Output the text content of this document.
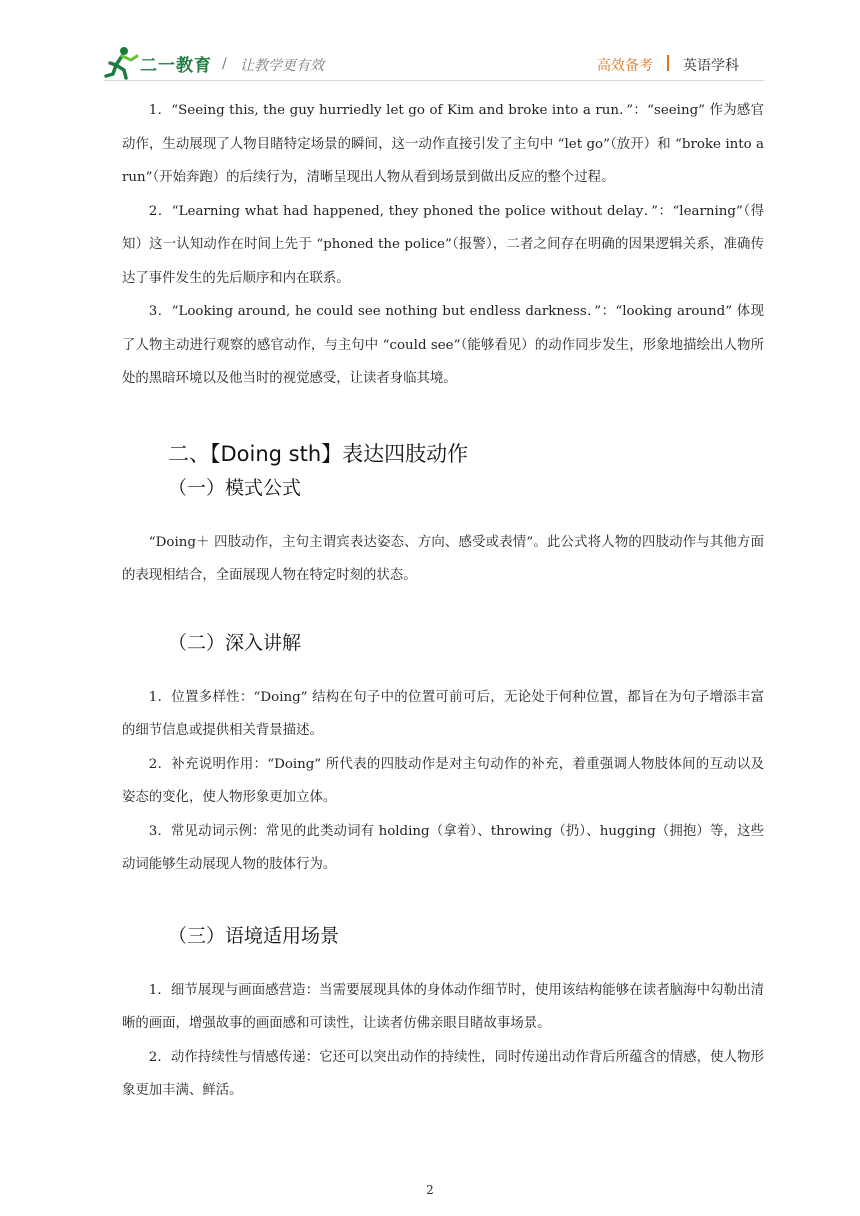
二一教育 / 让教学更有效	高效备考 英语学科

1．“Seeing this, the guy hurriedly let go of Kim and broke into a run．”：“seeing” 作为感官动作，生动展现了人物目睹特定场景的瞬间，这一动作直接引发了主句中 “let go”（放开）和 “broke into a run”（开始奔跑）的后续行为，清晰呈现出人物从看到场景到做出反应的整个过程。

2．“Learning what had happened, they phoned the police without delay．”：“learning”（得知）这一认知动作在时间上先于 “phoned the police”（报警），二者之间存在明确的因果逻辑关系，准确传达了事件发生的先后顺序和内在联系。

3．“Looking around, he could see nothing but endless darkness．”：“looking around” 体现了人物主动进行观察的感官动作，与主句中 “could see”（能够看见）的动作同步发生，形象地描绘出人物所处的黑暗环境以及他当时的视觉感受，让读者身临其境。

二、【Doing sth】表达四肢动作
（一）模式公式

“Doing＋ 四肢动作，主句主谓宾表达姿态、方向、感受或表情”。此公式将人物的四肢动作与其他方面的表现相结合，全面展现人物在特定时刻的状态。

（二）深入讲解

1．位置多样性：“Doing” 结构在句子中的位置可前可后，无论处于何种位置，都旨在为句子增添丰富的细节信息或提供相关背景描述。

2．补充说明作用：“Doing” 所代表的四肢动作是对主句动作的补充，着重强调人物肢体间的互动以及姿态的变化，使人物形象更加立体。

3．常见动词示例：常见的此类动词有 holding（拿着）、throwing（扔）、hugging（拥抱）等，这些动词能够生动展现人物的肢体行为。

（三）语境适用场景

1．细节展现与画面感营造：当需要展现具体的身体动作细节时，使用该结构能够在读者脑海中勾勒出清晰的画面，增强故事的画面感和可读性，让读者仿佛亲眼目睹故事场景。

2．动作持续性与情感传递：它还可以突出动作的持续性，同时传递出动作背后所蕴含的情感，使人物形象更加丰满、鲜活。

2
